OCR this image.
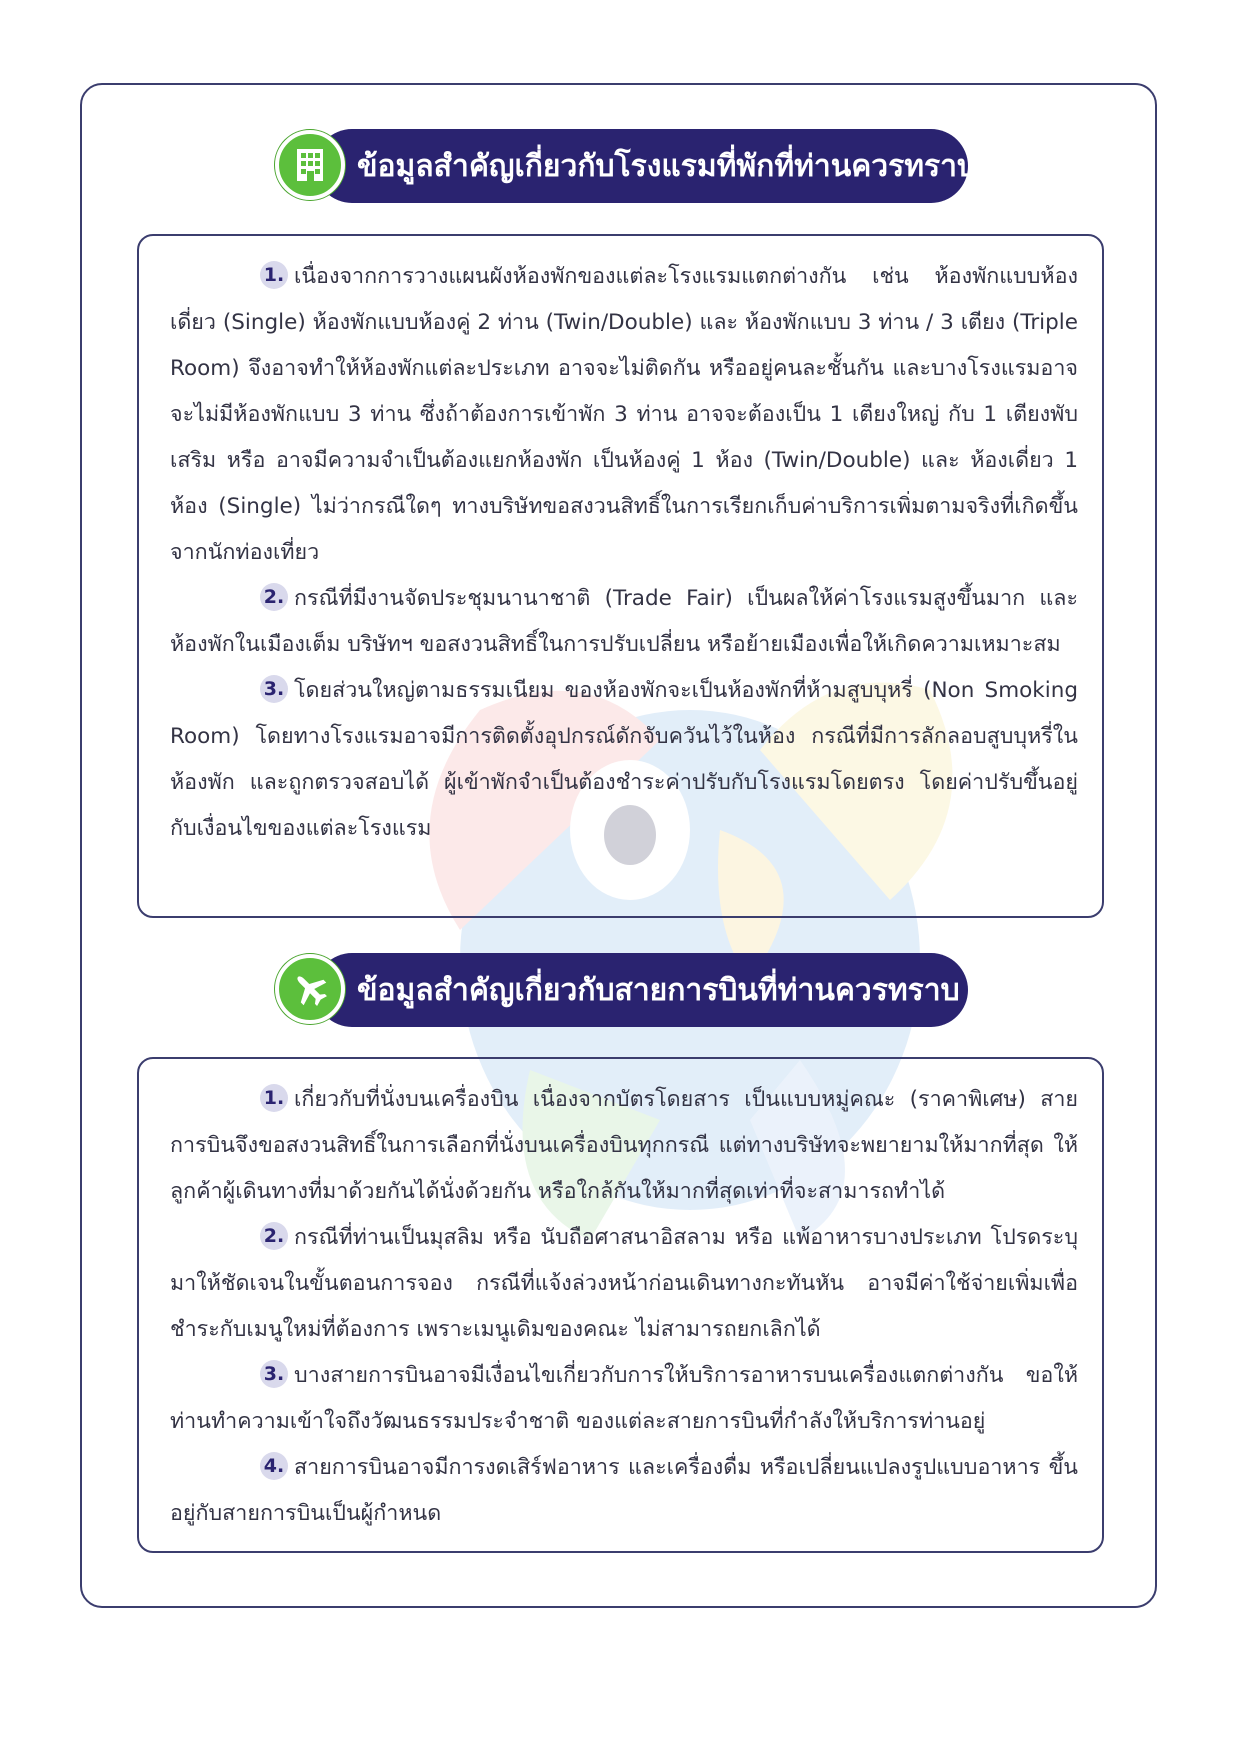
ข้อมูลสำคัญเกี่ยวกับโรงแรมที่พักที่ท่านควรทราบ

1. เนื่องจากการวางแผนผังห้องพักของแต่ละโรงแรมแตกต่างกัน เช่น ห้องพักแบบห้องเดี่ยว (Single) ห้องพักแบบห้องคู่ 2 ท่าน (Twin/Double) และ ห้องพักแบบ 3 ท่าน / 3 เตียง (Triple Room) จึงอาจทำให้ห้องพักแต่ละประเภท อาจจะไม่ติดกัน หรืออยู่คนละชั้นกัน และบางโรงแรมอาจจะไม่มีห้องพักแบบ 3 ท่าน ซึ่งถ้าต้องการเข้าพัก 3 ท่าน อาจจะต้องเป็น 1 เตียงใหญ่ กับ 1 เตียงพับเสริม หรือ อาจมีความจำเป็นต้องแยกห้องพัก เป็นห้องคู่ 1 ห้อง (Twin/Double) และ ห้องเดี่ยว 1 ห้อง (Single) ไม่ว่ากรณีใดๆ ทางบริษัทขอสงวนสิทธิ์ในการเรียกเก็บค่าบริการเพิ่มตามจริงที่เกิดขึ้นจากนักท่องเที่ยว

2. กรณีที่มีงานจัดประชุมนานาชาติ (Trade Fair) เป็นผลให้ค่าโรงแรมสูงขึ้นมาก และห้องพักในเมืองเต็ม บริษัทฯ ขอสงวนสิทธิ์ในการปรับเปลี่ยน หรือย้ายเมืองเพื่อให้เกิดความเหมาะสม

3. โดยส่วนใหญ่ตามธรรมเนียม ของห้องพักจะเป็นห้องพักที่ห้ามสูบบุหรี่ (Non Smoking Room) โดยทางโรงแรมอาจมีการติดตั้งอุปกรณ์ดักจับควันไว้ในห้อง กรณีที่มีการลักลอบสูบบุหรี่ในห้องพัก และถูกตรวจสอบได้ ผู้เข้าพักจำเป็นต้องชำระค่าปรับกับโรงแรมโดยตรง โดยค่าปรับขึ้นอยู่กับเงื่อนไขของแต่ละโรงแรม

ข้อมูลสำคัญเกี่ยวกับสายการบินที่ท่านควรทราบ

1. เกี่ยวกับที่นั่งบนเครื่องบิน เนื่องจากบัตรโดยสาร เป็นแบบหมู่คณะ (ราคาพิเศษ) สายการบินจึงขอสงวนสิทธิ์ในการเลือกที่นั่งบนเครื่องบินทุกกรณี แต่ทางบริษัทจะพยายามให้มากที่สุด ให้ลูกค้าผู้เดินทางที่มาด้วยกันได้นั่งด้วยกัน หรือใกล้กันให้มากที่สุดเท่าที่จะสามารถทำได้

2. กรณีที่ท่านเป็นมุสลิม หรือ นับถือศาสนาอิสลาม หรือ แพ้อาหารบางประเภท โปรดระบุมาให้ชัดเจนในขั้นตอนการจอง กรณีที่แจ้งล่วงหน้าก่อนเดินทางกะทันหัน อาจมีค่าใช้จ่ายเพิ่มเพื่อชำระกับเมนูใหม่ที่ต้องการ เพราะเมนูเดิมของคณะ ไม่สามารถยกเลิกได้

3. บางสายการบินอาจมีเงื่อนไขเกี่ยวกับการให้บริการอาหารบนเครื่องแตกต่างกัน ขอให้ท่านทำความเข้าใจถึงวัฒนธรรมประจำชาติ ของแต่ละสายการบินที่กำลังให้บริการท่านอยู่

4. สายการบินอาจมีการงดเสิร์ฟอาหาร และเครื่องดื่ม หรือเปลี่ยนแปลงรูปแบบอาหาร ขึ้นอยู่กับสายการบินเป็นผู้กำหนด
